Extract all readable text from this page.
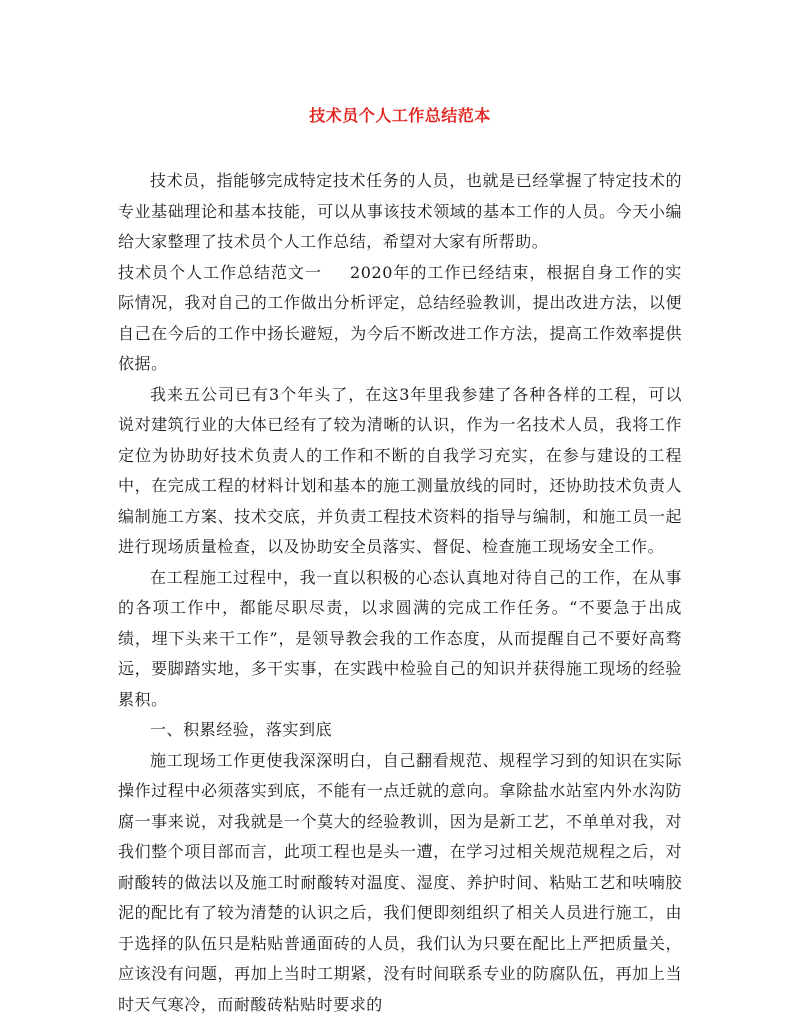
技术员个人工作总结范本

技术员，指能够完成特定技术任务的人员，也就是已经掌握了特定技术的专业基础理论和基本技能，可以从事该技术领域的基本工作的人员。今天小编给大家整理了技术员个人工作总结，希望对大家有所帮助。

技术员个人工作总结范文一 2020年的工作已经结束，根据自身工作的实际情况，我对自己的工作做出分析评定，总结经验教训，提出改进方法，以便自己在今后的工作中扬长避短，为今后不断改进工作方法，提高工作效率提供依据。

我来五公司已有3个年头了，在这3年里我参建了各种各样的工程，可以说对建筑行业的大体已经有了较为清晰的认识，作为一名技术人员，我将工作定位为协助好技术负责人的工作和不断的自我学习充实，在参与建设的工程中，在完成工程的材料计划和基本的施工测量放线的同时，还协助技术负责人编制施工方案、技术交底，并负责工程技术资料的指导与编制，和施工员一起进行现场质量检查，以及协助安全员落实、督促、检查施工现场安全工作。

在工程施工过程中，我一直以积极的心态认真地对待自己的工作，在从事的各项工作中，都能尽职尽责，以求圆满的完成工作任务。“不要急于出成绩，埋下头来干工作”，是领导教会我的工作态度，从而提醒自己不要好高骛远，要脚踏实地，多干实事，在实践中检验自己的知识并获得施工现场的经验累积。

一、积累经验，落实到底

施工现场工作更使我深深明白，自己翻看规范、规程学习到的知识在实际操作过程中必须落实到底，不能有一点迁就的意向。拿除盐水站室内外水沟防腐一事来说，对我就是一个莫大的经验教训，因为是新工艺，不单单对我，对我们整个项目部而言，此项工程也是头一遭，在学习过相关规范规程之后，对耐酸转的做法以及施工时耐酸转对温度、湿度、养护时间、粘贴工艺和呋喃胶泥的配比有了较为清楚的认识之后，我们便即刻组织了相关人员进行施工，由于选择的队伍只是粘贴普通面砖的人员，我们认为只要在配比上严把质量关，应该没有问题，再加上当时工期紧，没有时间联系专业的防腐队伍，再加上当时天气寒冷，而耐酸砖粘贴时要求的
